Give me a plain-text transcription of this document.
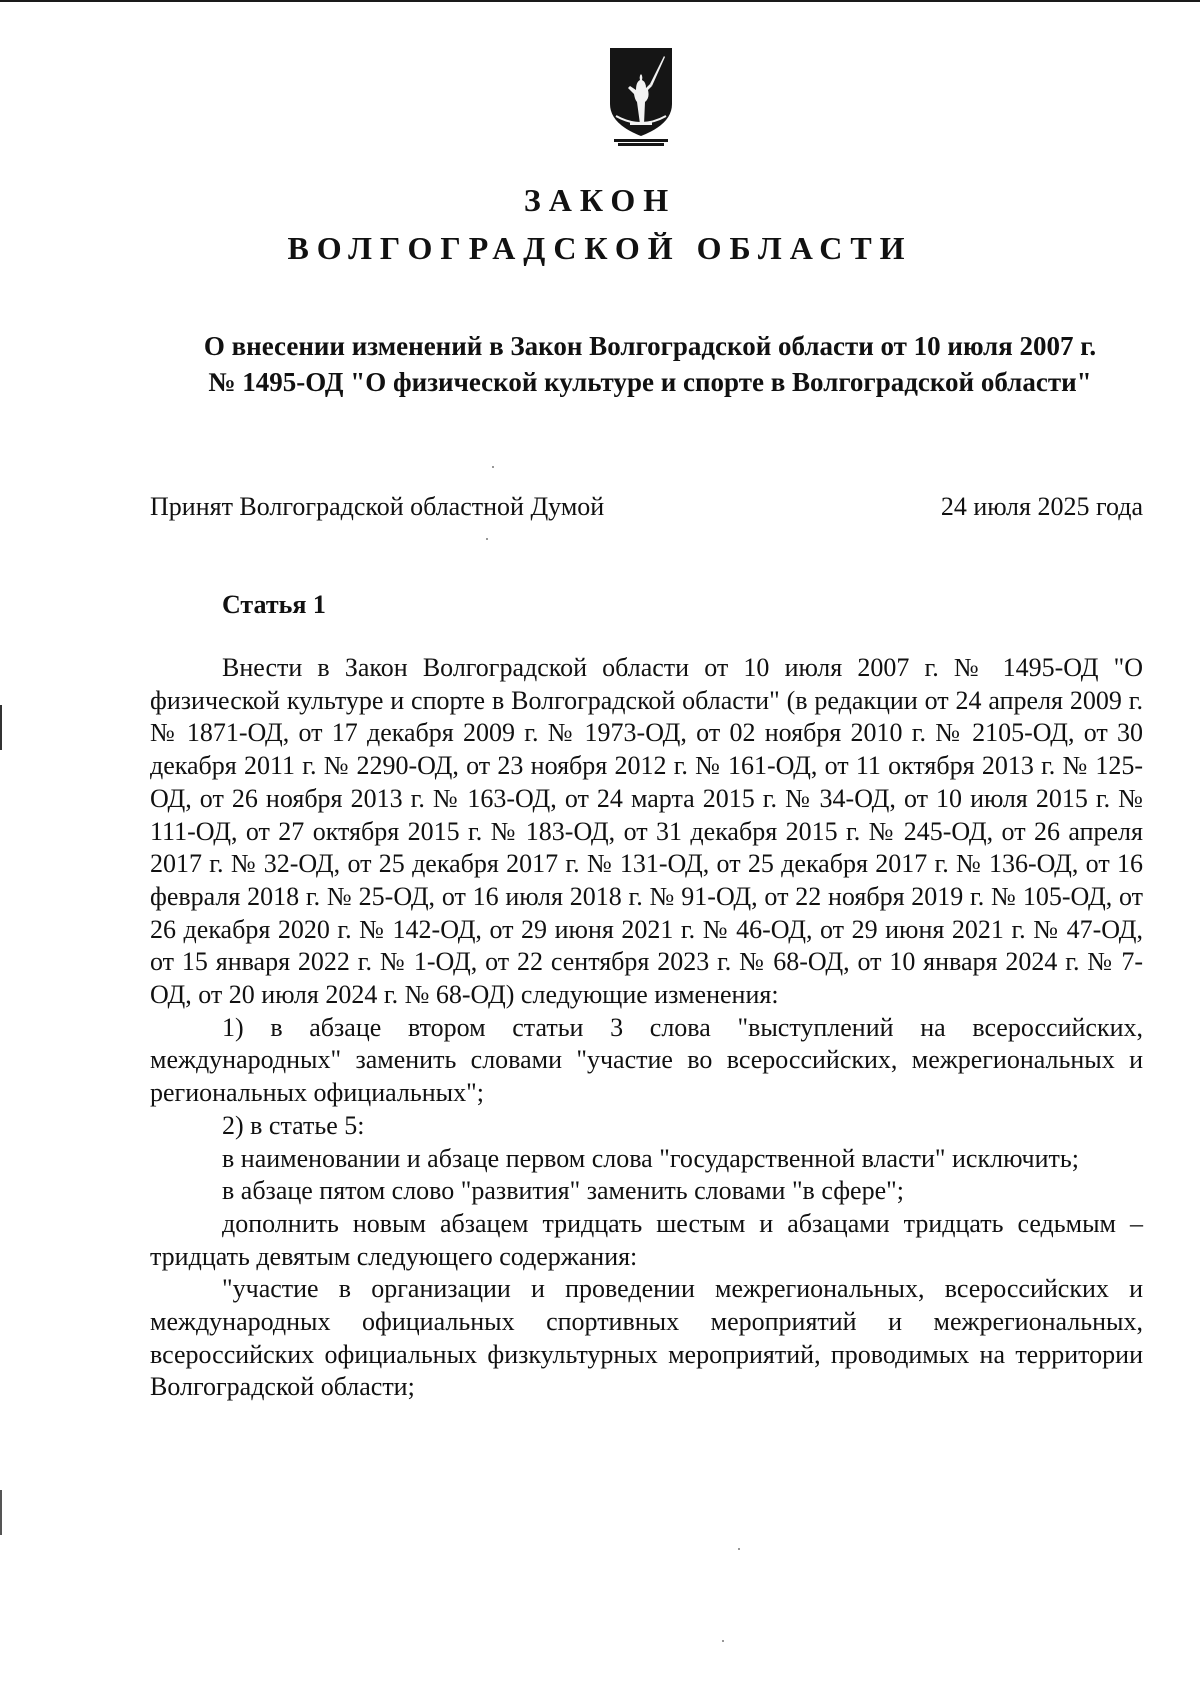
ЗАКОН
ВОЛГОГРАДСКОЙ ОБЛАСТИ
О внесении изменений в Закон Волгоградской области от 10 июля 2007 г.
№ 1495-ОД "О физической культуре и спорте в Волгоградской области"
Принят Волгоградской областной Думой	24 июля 2025 года
Статья 1

Внести в Закон Волгоградской области от 10 июля 2007 г. № 1495-ОД "О физической культуре и спорте в Волгоградской области" (в редакции от 24 апреля 2009 г. № 1871-ОД, от 17 декабря 2009 г. № 1973-ОД, от 02 ноября 2010 г. № 2105-ОД, от 30 декабря 2011 г. № 2290-ОД, от 23 ноября 2012 г. № 161-ОД, от 11 октября 2013 г. № 125-ОД, от 26 ноября 2013 г. № 163-ОД, от 24 марта 2015 г. № 34-ОД, от 10 июля 2015 г. № 111-ОД, от 27 октября 2015 г. № 183-ОД, от 31 декабря 2015 г. № 245-ОД, от 26 апреля 2017 г. № 32-ОД, от 25 декабря 2017 г. № 131-ОД, от 25 декабря 2017 г. № 136-ОД, от 16 февраля 2018 г. № 25-ОД, от 16 июля 2018 г. № 91-ОД, от 22 ноября 2019 г. № 105-ОД, от 26 декабря 2020 г. № 142-ОД, от 29 июня 2021 г. № 46-ОД, от 29 июня 2021 г. № 47-ОД, от 15 января 2022 г. № 1-ОД, от 22 сентября 2023 г. № 68-ОД, от 10 января 2024 г. № 7-ОД, от 20 июля 2024 г. № 68-ОД) следующие изменения:

1) в абзаце втором статьи 3 слова "выступлений на всероссийских, международных" заменить словами "участие во всероссийских, межрегиональных и региональных официальных";

2) в статье 5:

в наименовании и абзаце первом слова "государственной власти" исключить;

в абзаце пятом слово "развития" заменить словами "в сфере";

дополнить новым абзацем тридцать шестым и абзацами тридцать седьмым – тридцать девятым следующего содержания:

"участие в организации и проведении межрегиональных, всероссийских и международных официальных спортивных мероприятий и межрегиональных, всероссийских официальных физкультурных мероприятий, проводимых на территории Волгоградской области;
